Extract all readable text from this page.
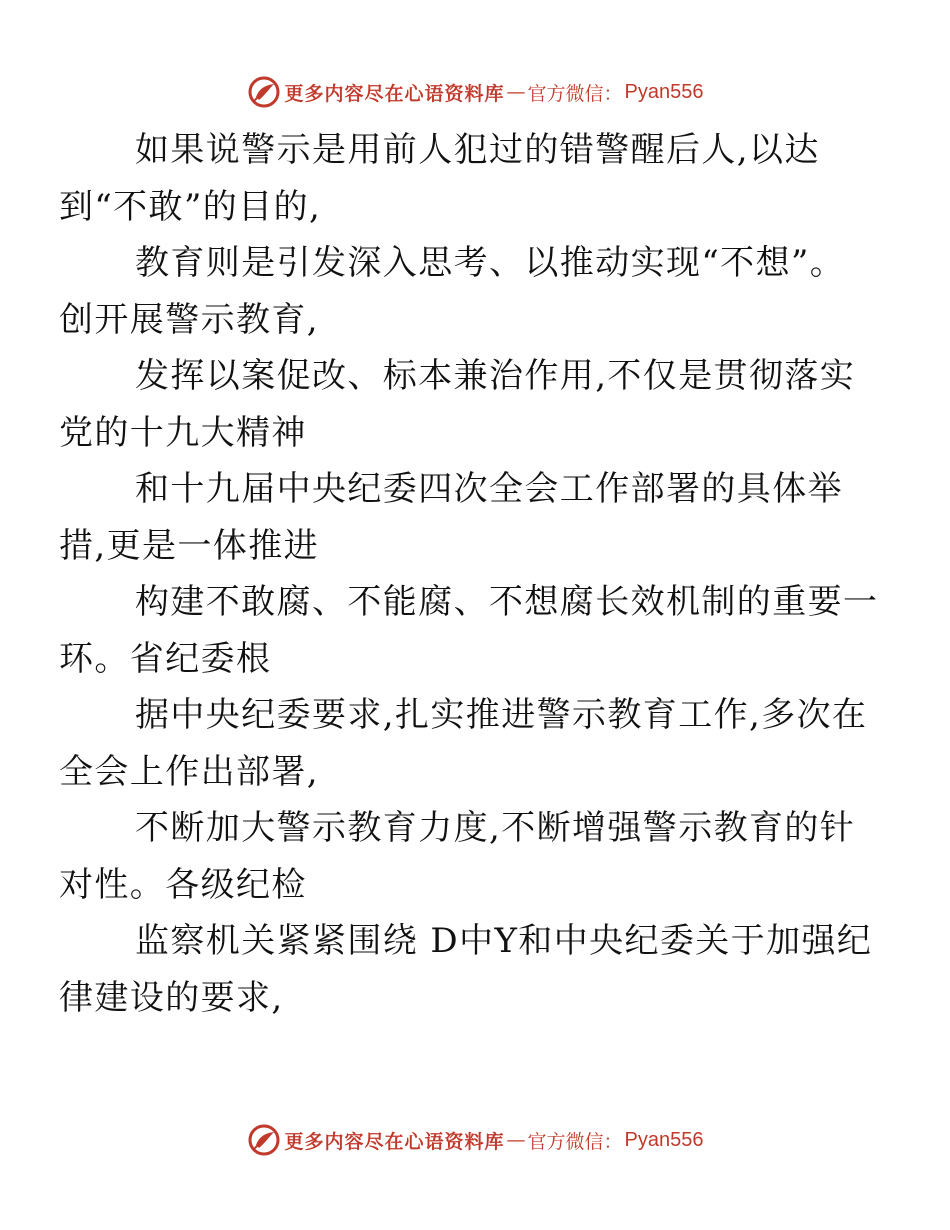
更多内容尽在心语资料库 — 官方微信： Pyan556

如果说警示是用前人犯过的错警醒后人,以达
到“不敢”的目的,

教育则是引发深入思考、以推动实现“不想”。
创开展警示教育,

发挥以案促改、标本兼治作用,不仅是贯彻落实
党的十九大精神

和十九届中央纪委四次全会工作部署的具体举
措,更是一体推进

构建不敢腐、不能腐、不想腐长效机制的重要一
环。省纪委根

据中央纪委要求,扎实推进警示教育工作,多次在
全会上作出部署,

不断加大警示教育力度,不断增强警示教育的针
对性。各级纪检

监察机关紧紧围绕 D中Y和中央纪委关于加强纪
律建设的要求,

更多内容尽在心语资料库 — 官方微信： Pyan556
